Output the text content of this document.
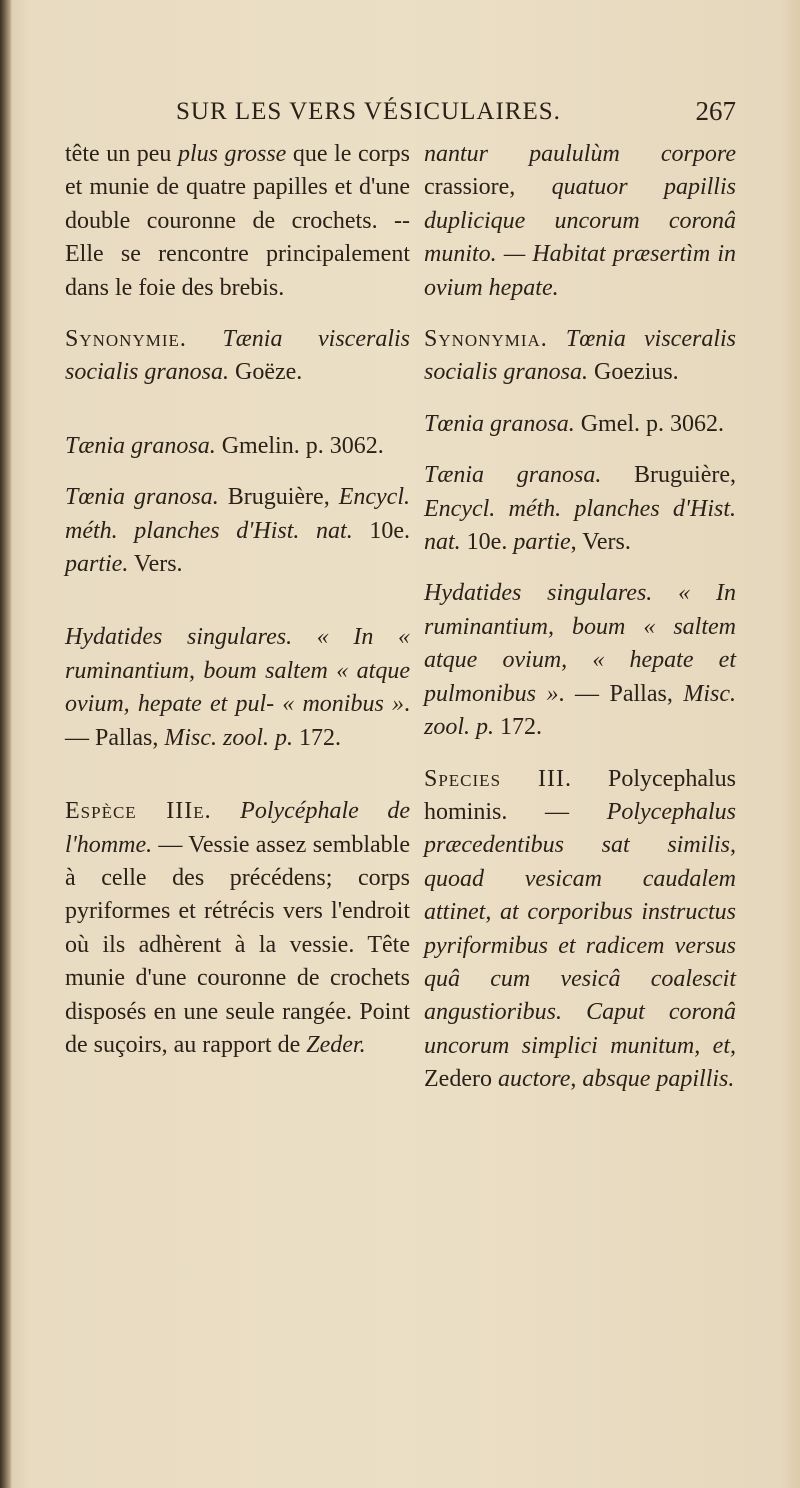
SUR LES VERS VÉSICULAIRES.	267

tête un peu plus grosse que le corps et munie de quatre papilles et d'une double couronne de crochets. -- Elle se rencontre principalement dans le foie des brebis.

Synonymie. Tænia visceralis socialis granosa. Goëze.

Tænia granosa. Gmelin. p. 3062.

Tœnia granosa. Bruguière, Encycl. méth. planches d'Hist. nat. 10e. partie. Vers.

Hydatides singulares. « In « ruminantium, boum saltem « atque ovium, hepate et pul- « monibus ». — Pallas, Misc. zool. p. 172.

Espèce IIIe. Polycéphale de l'homme. — Vessie assez semblable à celle des précédens; corps pyriformes et rétrécis vers l'endroit où ils adhèrent à la vessie. Tête munie d'une couronne de crochets disposés en une seule rangée. Point de suçoirs, au rapport de Zeder.

nantur paululùm corpore crassiore, quatuor papillis duplicique uncorum coronâ munito. — Habitat præsertìm in ovium hepate.

Synonymia. Tœnia visceralis socialis granosa. Goezius.

Tœnia granosa. Gmel. p. 3062.

Tænia granosa. Bruguière, Encycl. méth. planches d'Hist. nat. 10e. partie, Vers.

Hydatides singulares. « In ruminantium, boum « saltem atque ovium, « hepate et pulmonibus ». — Pallas, Misc. zool. p. 172.

Species III. Polycephalus hominis. — Polycephalus præcedentibus sat similis, quoad vesicam caudalem attinet, at corporibus instructus pyriformibus et radicem versus quâ cum vesicâ coalescit angustioribus. Caput coronâ uncorum simplici munitum, et, Zedero auctore, absque papillis.
